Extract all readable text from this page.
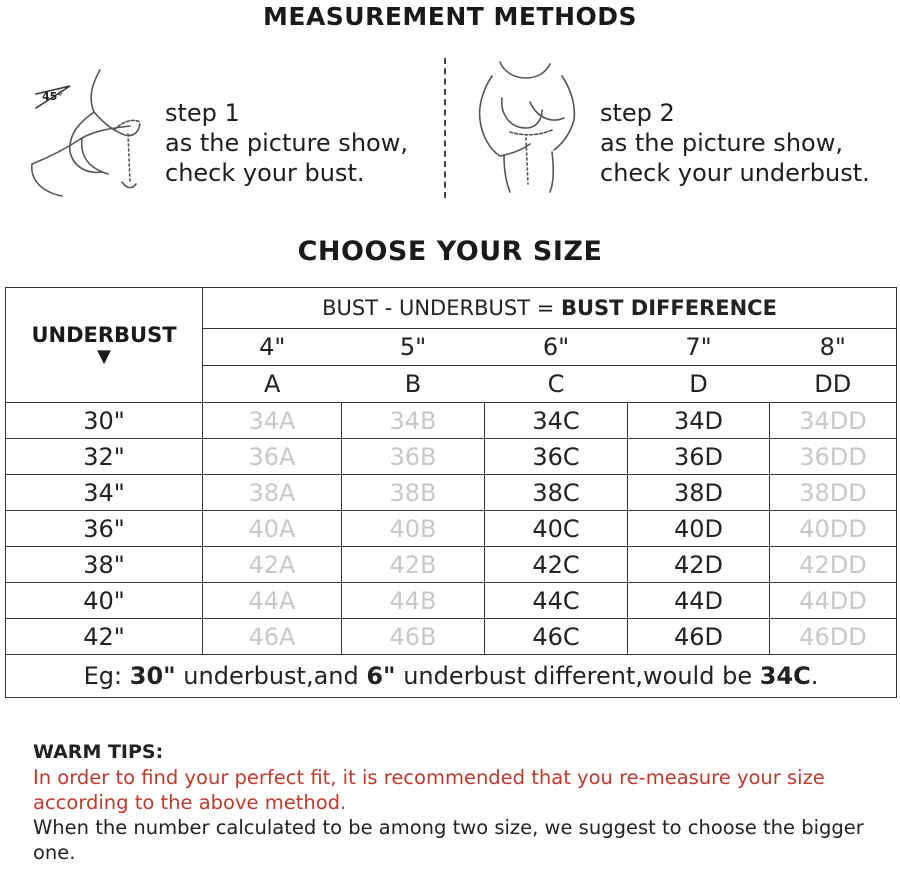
MEASUREMENT METHODS
45°
step 1
as the picture show,
check your bust.
step 2
as the picture show,
check your underbust.
CHOOSE YOUR SIZE
UNDERBUST
▼	BUST - UNDERBUST = BUST DIFFERENCE				
	4"	5"	6"	7"	8"
	A	B	C	D	DD
30"	34A	34B	34C	34D	34DD
32"	36A	36B	36C	36D	36DD
34"	38A	38B	38C	38D	38DD
36"	40A	40B	40C	40D	40DD
38"	42A	42B	42C	42D	42DD
40"	44A	44B	44C	44D	44DD
42"	46A	46B	46C	46D	46DD
Eg: 30" underbust,and 6" underbust different,would be 34C.					
WARM TIPS:
In order to find your perfect fit, it is recommended that you re-measure your size according to the above method.
When the number calculated to be among two size, we suggest to choose the bigger one.
